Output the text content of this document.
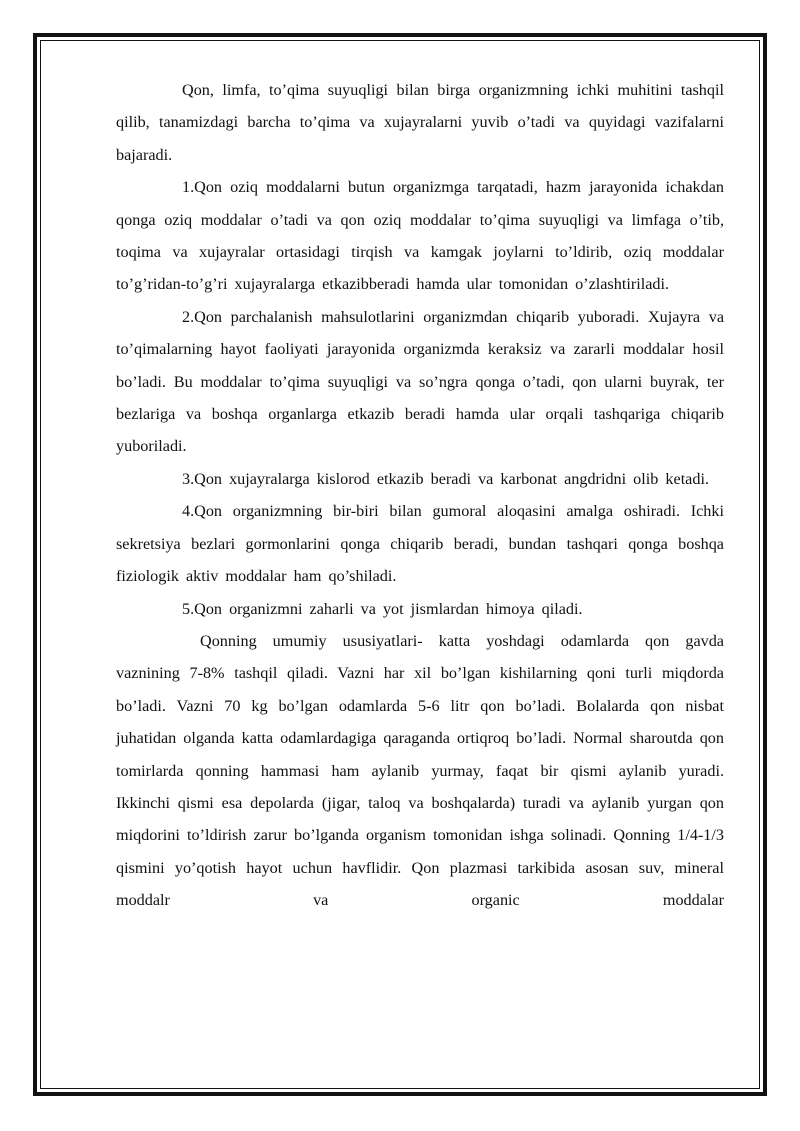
Qon, limfa, to’qima suyuqligi bilan birga organizmning ichki muhitini tashqil qilib, tanamizdagi barcha to’qima va xujayralarni yuvib o’tadi va quyidagi vazifalarni bajaradi.

1.Qon oziq moddalarni butun organizmga tarqatadi, hazm jarayonida ichakdan qonga oziq moddalar o’tadi va qon oziq moddalar to’qima suyuqligi va limfaga o’tib, toqima va xujayralar ortasidagi tirqish va kamgak joylarni to’ldirib, oziq moddalar to’g’ridan-to’g’ri xujayralarga etkazibberadi hamda ular tomonidan o’zlashtiriladi.

2.Qon parchalanish mahsulotlarini organizmdan chiqarib yuboradi. Xujayra va to’qimalarning hayot faoliyati jarayonida organizmda keraksiz va zararli moddalar hosil bo’ladi. Bu moddalar to’qima suyuqligi va so’ngra qonga o’tadi, qon ularni buyrak, ter bezlariga va boshqa organlarga etkazib beradi hamda ular orqali tashqariga chiqarib yuboriladi.

3.Qon xujayralarga kislorod etkazib beradi va karbonat angdridni olib ketadi.

4.Qon organizmning bir-biri bilan gumoral aloqasini amalga oshiradi. Ichki sekretsiya bezlari gormonlarini qonga chiqarib beradi, bundan tashqari qonga boshqa fiziologik aktiv moddalar ham qo’shiladi.

5.Qon organizmni zaharli va yot jismlardan himoya qiladi.

Qonning umumiy ususiyatlari- katta yoshdagi odamlarda qon gavda vaznining 7-8% tashqil qiladi. Vazni har xil bo’lgan kishilarning qoni turli miqdorda bo’ladi. Vazni 70 kg bo’lgan odamlarda 5-6 litr qon bo’ladi. Bolalarda qon nisbat juhatidan olganda katta odamlardagiga qaraganda ortiqroq bo’ladi. Normal sharoutda qon tomirlarda qonning hammasi ham aylanib yurmay, faqat bir qismi aylanib yuradi. Ikkinchi qismi esa depolarda (jigar, taloq va boshqalarda) turadi va aylanib yurgan qon miqdorini to’ldirish zarur bo’lganda organism tomonidan ishga solinadi. Qonning 1/4-1/3 qismini yo’qotish hayot uchun havflidir. Qon plazmasi tarkibida asosan suv, mineral moddalr va organic moddalar
